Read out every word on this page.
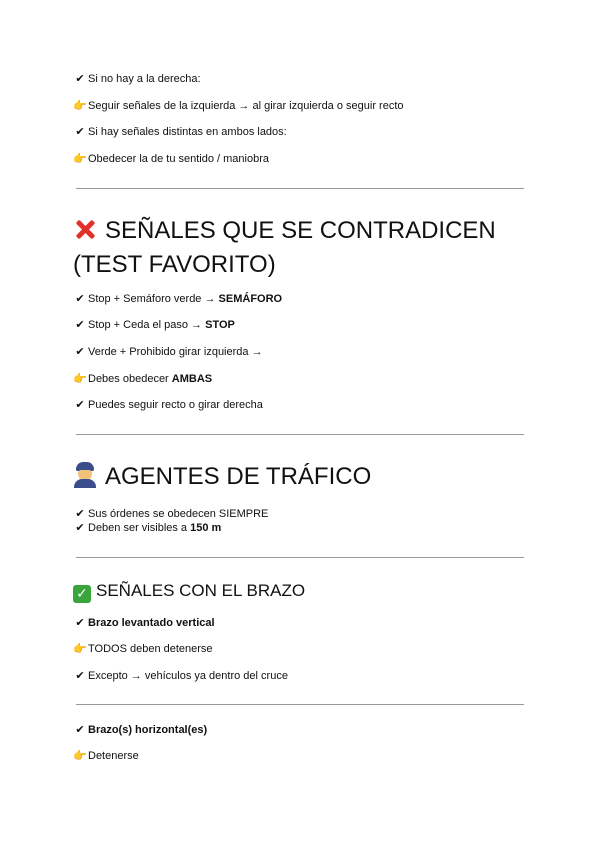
✔ Si no hay a la derecha:
👉Seguir señales de la izquierda → al girar izquierda o seguir recto
✔ Si hay señales distintas en ambos lados:
👉Obedecer la de tu sentido / maniobra
SEÑALES QUE SE CONTRADICEN
(TEST FAVORITO)
✔ Stop + Semáforo verde → SEMÁFORO
✔ Stop + Ceda el paso → STOP
✔ Verde + Prohibido girar izquierda →
👉Debes obedecer AMBAS
✔ Puedes seguir recto o girar derecha
AGENTES DE TRÁFICO
✔ Sus órdenes se obedecen SIEMPRE
✔ Deben ser visibles a 150 m
✓ SEÑALES CON EL BRAZO
✔ Brazo levantado vertical
👉TODOS deben detenerse
✔ Excepto → vehículos ya dentro del cruce
✔ Brazo(s) horizontal(es)
👉Detenerse
